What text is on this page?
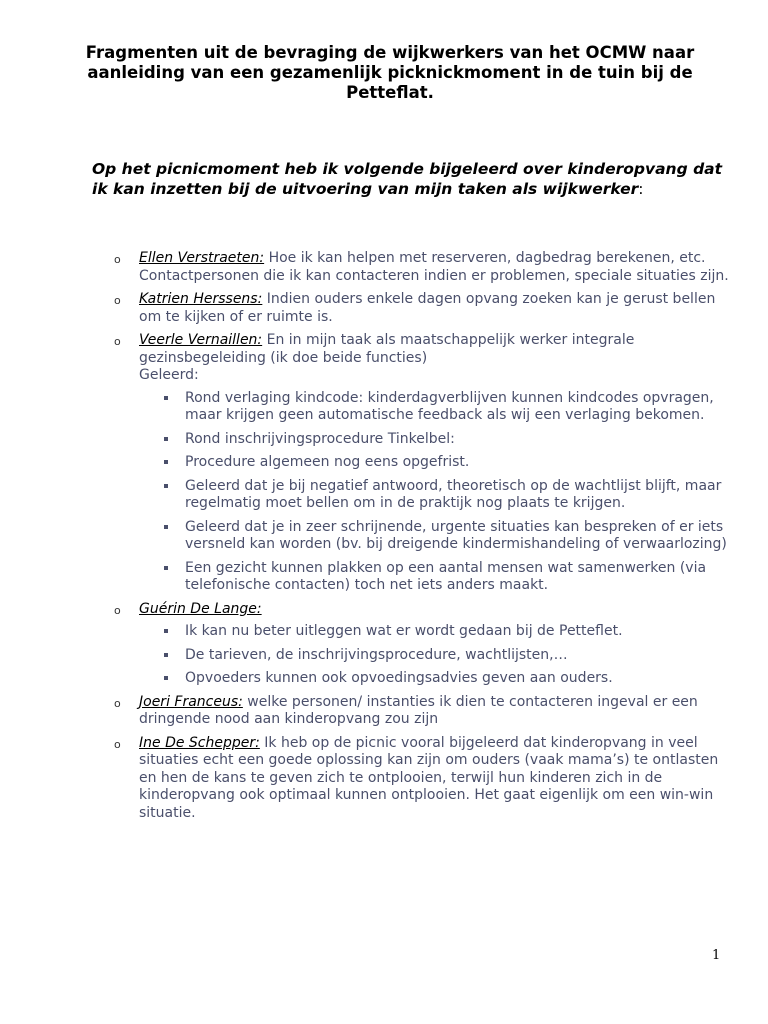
Fragmenten uit de bevraging de wijkwerkers van het OCMW naar aanleiding van een gezamenlijk picknickmoment in de tuin bij de Petteflat.

Op het picnicmoment heb ik volgende bijgeleerd over kinderopvang dat ik kan inzetten bij de uitvoering van mijn taken als wijkwerker:

o Ellen Verstraeten: Hoe ik kan helpen met reserveren, dagbedrag berekenen, etc. Contactpersonen die ik kan contacteren indien er problemen, speciale situaties zijn.
o Katrien Herssens: Indien ouders enkele dagen opvang zoeken kan je gerust bellen om te kijken of er ruimte is.
o Veerle Vernaillen: En in mijn taak als maatschappelijk werker integrale gezinsbegeleiding (ik doe beide functies)
Geleerd:
Rond verlaging kindcode: kinderdagverblijven kunnen kindcodes opvragen, maar krijgen geen automatische feedback als wij een verlaging bekomen.
Rond inschrijvingsprocedure Tinkelbel:
Procedure algemeen nog eens opgefrist.
Geleerd dat je bij negatief antwoord, theoretisch op de wachtlijst blijft, maar regelmatig moet bellen om in de praktijk nog plaats te krijgen.
Geleerd dat je in zeer schrijnende, urgente situaties kan bespreken of er iets versneld kan worden (bv. bij dreigende kindermishandeling of verwaarlozing)
Een gezicht kunnen plakken op een aantal mensen wat samenwerken (via telefonische contacten) toch net iets anders maakt.
o Guérin De Lange:
Ik kan nu beter uitleggen wat er wordt gedaan bij de Petteflet.
De tarieven, de inschrijvingsprocedure, wachtlijsten,…
Opvoeders kunnen ook opvoedingsadvies geven aan ouders.
o Joeri Franceus: welke personen/ instanties ik dien te contacteren ingeval er een dringende nood aan kinderopvang zou zijn
o Ine De Schepper: Ik heb op de picnic vooral bijgeleerd dat kinderopvang in veel situaties echt een goede oplossing kan zijn om ouders (vaak mama’s) te ontlasten en hen de kans te geven zich te ontplooien, terwijl hun kinderen zich in de kinderopvang ook optimaal kunnen ontplooien. Het gaat eigenlijk om een win-win situatie.
1
